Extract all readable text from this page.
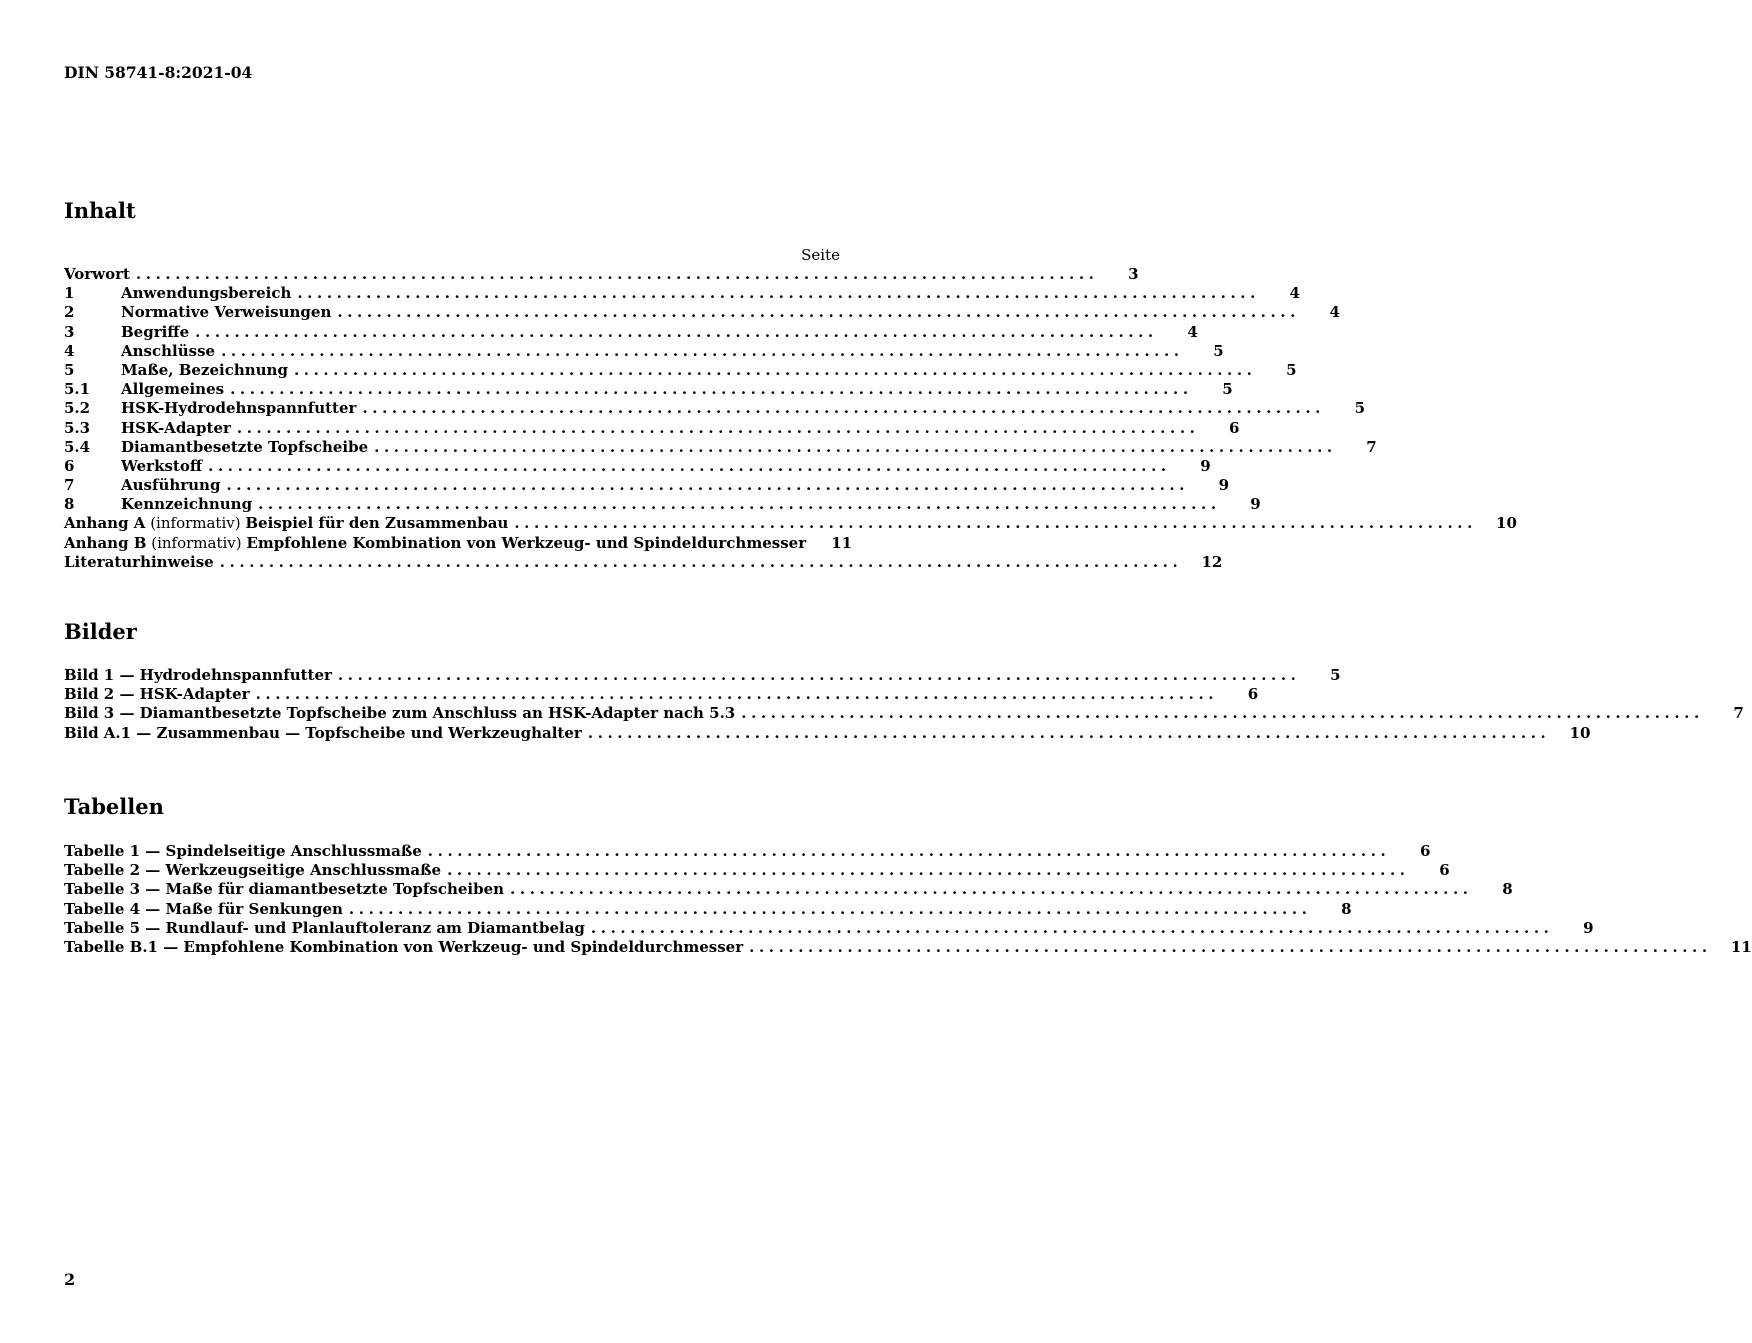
DIN 58741-8:2021-04
Inhalt
Seite
Vorwort ..................................................................................................	3
1	Anwendungsbereich ..................................................................................................	4
2	Normative Verweisungen ..................................................................................................	4
3	Begriffe ..................................................................................................	4
4	Anschlüsse ..................................................................................................	5
5	Maße, Bezeichnung ..................................................................................................	5
5.1	Allgemeines ..................................................................................................	5
5.2	HSK-Hydrodehnspannfutter ..................................................................................................	5
5.3	HSK-Adapter ..................................................................................................	6
5.4	Diamantbesetzte Topfscheibe ..................................................................................................	7
6	Werkstoff ..................................................................................................	9
7	Ausführung ..................................................................................................	9
8	Kennzeichnung ..................................................................................................	9
Anhang A (informativ) Beispiel für den Zusammenbau ..................................................................................................	10
Anhang B (informativ) Empfohlene Kombination von Werkzeug- und Spindeldurchmesser	11
Literaturhinweise ..................................................................................................	12
Bilder
Bild 1 — Hydrodehnspannfutter ..................................................................................................	5
Bild 2 — HSK-Adapter ..................................................................................................	6
Bild 3 — Diamantbesetzte Topfscheibe zum Anschluss an HSK-Adapter nach 5.3 ..................................................................................................	7
Bild A.1 — Zusammenbau — Topfscheibe und Werkzeughalter ..................................................................................................	10
Tabellen
Tabelle 1 — Spindelseitige Anschlussmaße ..................................................................................................	6
Tabelle 2 — Werkzeugseitige Anschlussmaße ..................................................................................................	6
Tabelle 3 — Maße für diamantbesetzte Topfscheiben ..................................................................................................	8
Tabelle 4 — Maße für Senkungen ..................................................................................................	8
Tabelle 5 — Rundlauf- und Planlauftoleranz am Diamantbelag ..................................................................................................	9
Tabelle B.1 — Empfohlene Kombination von Werkzeug- und Spindeldurchmesser ..................................................................................................	11
2
